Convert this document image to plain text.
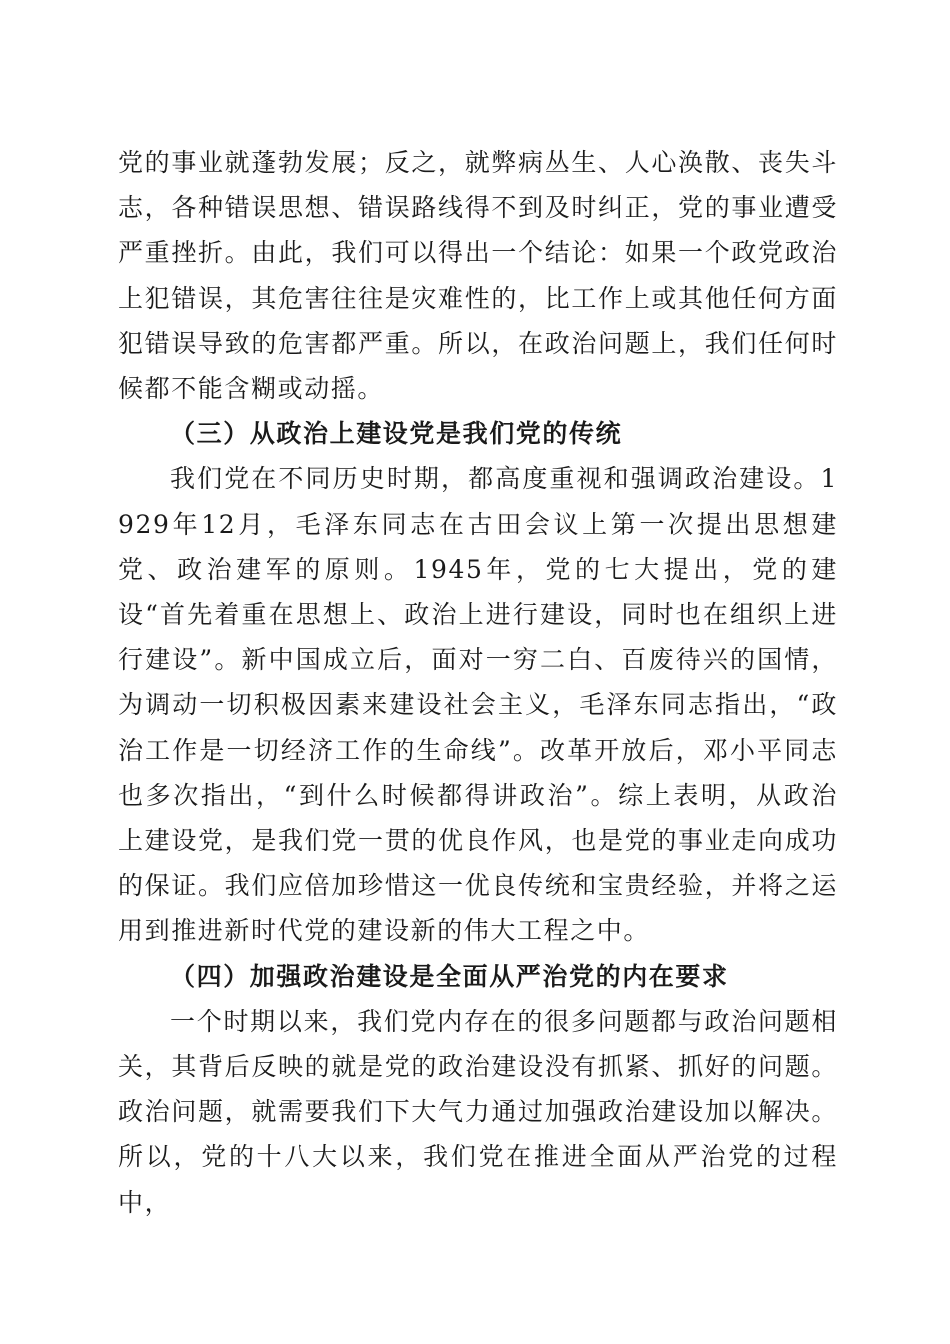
党的事业就蓬勃发展；反之，就弊病丛生、人心涣散、丧失斗志，各种错误思想、错误路线得不到及时纠正，党的事业遭受严重挫折。由此，我们可以得出一个结论：如果一个政党政治上犯错误，其危害往往是灾难性的，比工作上或其他任何方面犯错误导致的危害都严重。所以，在政治问题上，我们任何时候都不能含糊或动摇。

（三）从政治上建设党是我们党的传统

我们党在不同历史时期，都高度重视和强调政治建设。1929年12月，毛泽东同志在古田会议上第一次提出思想建党、政治建军的原则。1945年，党的七大提出，党的建设“首先着重在思想上、政治上进行建设，同时也在组织上进行建设”。新中国成立后，面对一穷二白、百废待兴的国情，为调动一切积极因素来建设社会主义，毛泽东同志指出，“政治工作是一切经济工作的生命线”。改革开放后，邓小平同志也多次指出，“到什么时候都得讲政治”。综上表明，从政治上建设党，是我们党一贯的优良作风，也是党的事业走向成功的保证。我们应倍加珍惜这一优良传统和宝贵经验，并将之运用到推进新时代党的建设新的伟大工程之中。

（四）加强政治建设是全面从严治党的内在要求

一个时期以来，我们党内存在的很多问题都与政治问题相关，其背后反映的就是党的政治建设没有抓紧、抓好的问题。政治问题，就需要我们下大气力通过加强政治建设加以解决。所以，党的十八大以来，我们党在推进全面从严治党的过程中，
